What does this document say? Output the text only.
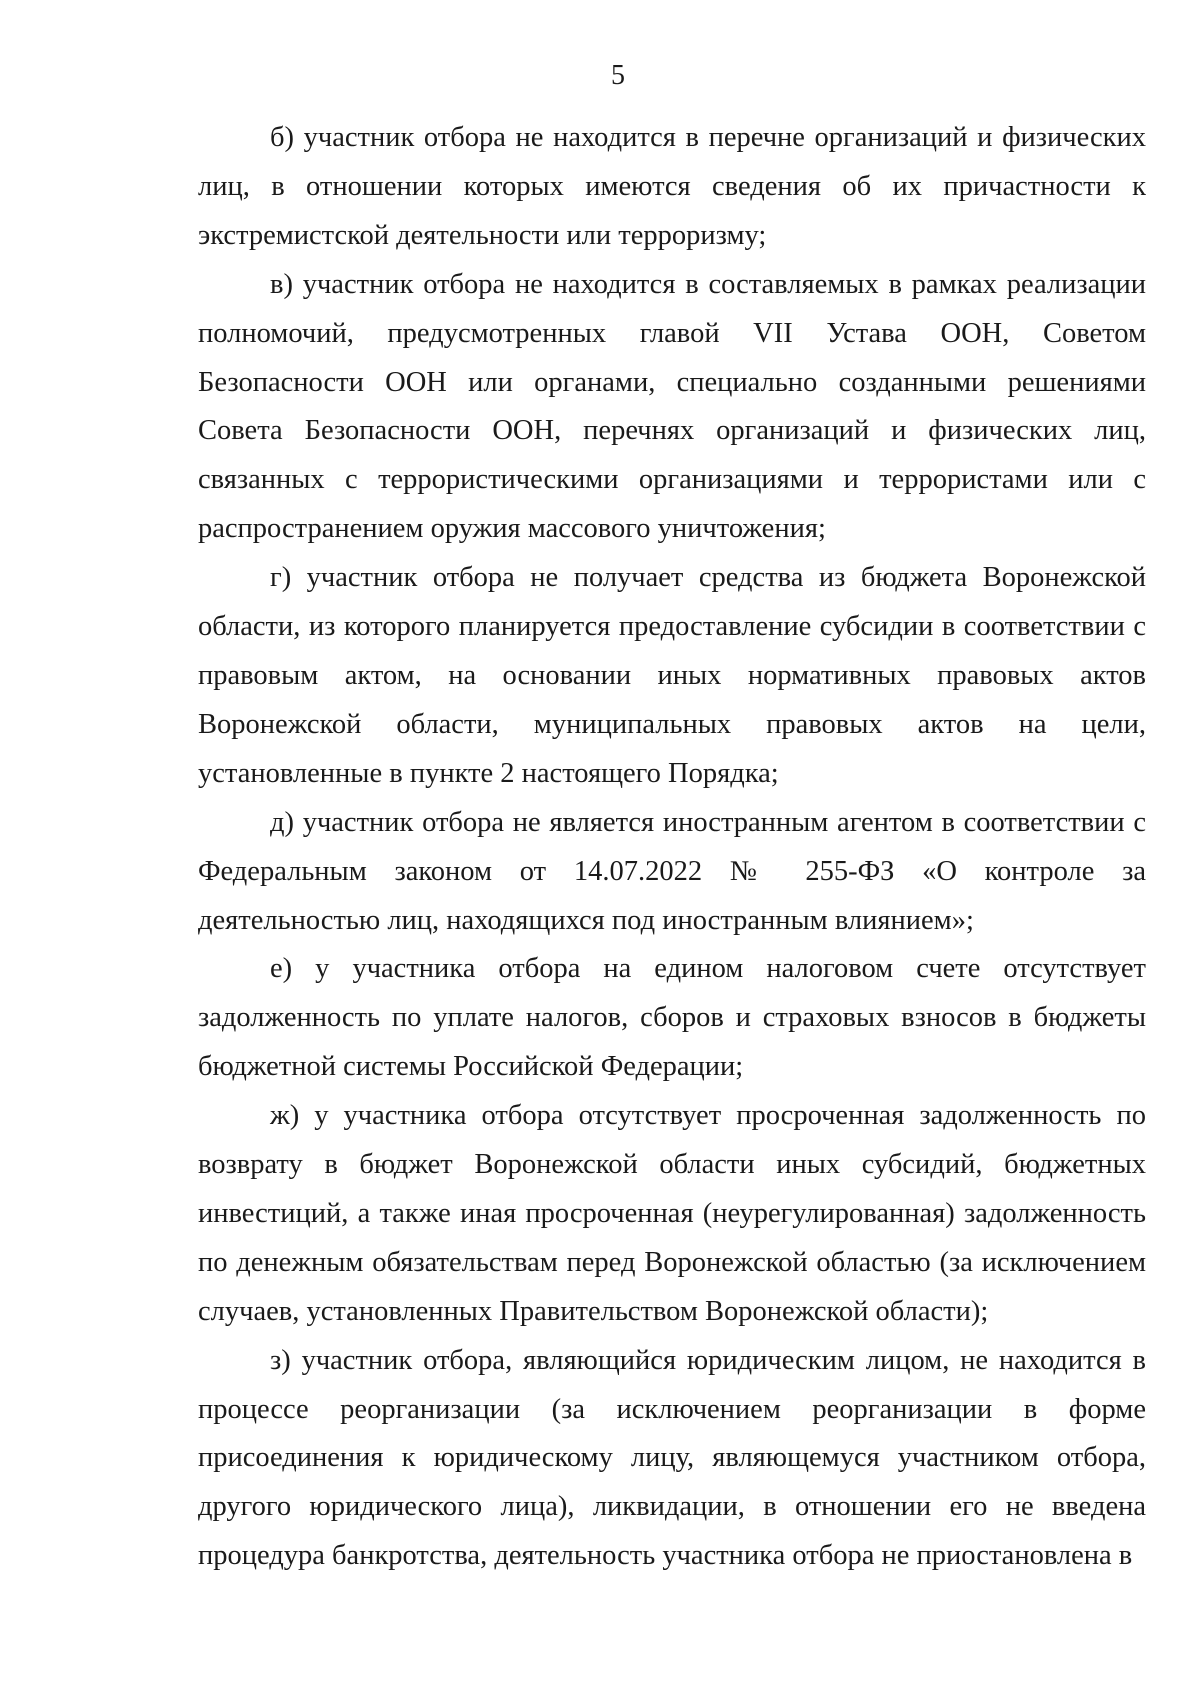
5

б) участник отбора не находится в перечне организаций и физических лиц, в отношении которых имеются сведения об их причастности к экстремистской деятельности или терроризму;

в) участник отбора не находится в составляемых в рамках реализации полномочий, предусмотренных главой VII Устава ООН, Советом Безопасности ООН или органами, специально созданными решениями Совета Безопасности ООН, перечнях организаций и физических лиц, связанных с террористическими организациями и террористами или с распространением оружия массового уничтожения;

г) участник отбора не получает средства из бюджета Воронежской области, из которого планируется предоставление субсидии в соответствии с правовым актом, на основании иных нормативных правовых актов Воронежской области, муниципальных правовых актов на цели, установленные в пункте 2 настоящего Порядка;

д) участник отбора не является иностранным агентом в соответствии с Федеральным законом от 14.07.2022 № 255-ФЗ «О контроле за деятельностью лиц, находящихся под иностранным влиянием»;

е) у участника отбора на едином налоговом счете отсутствует задолженность по уплате налогов, сборов и страховых взносов в бюджеты бюджетной системы Российской Федерации;

ж) у участника отбора отсутствует просроченная задолженность по возврату в бюджет Воронежской области иных субсидий, бюджетных инвестиций, а также иная просроченная (неурегулированная) задолженность по денежным обязательствам перед Воронежской областью (за исключением случаев, установленных Правительством Воронежской области);

з) участник отбора, являющийся юридическим лицом, не находится в процессе реорганизации (за исключением реорганизации в форме присоединения к юридическому лицу, являющемуся участником отбора, другого юридического лица), ликвидации, в отношении его не введена процедура банкротства, деятельность участника отбора не приостановлена в
